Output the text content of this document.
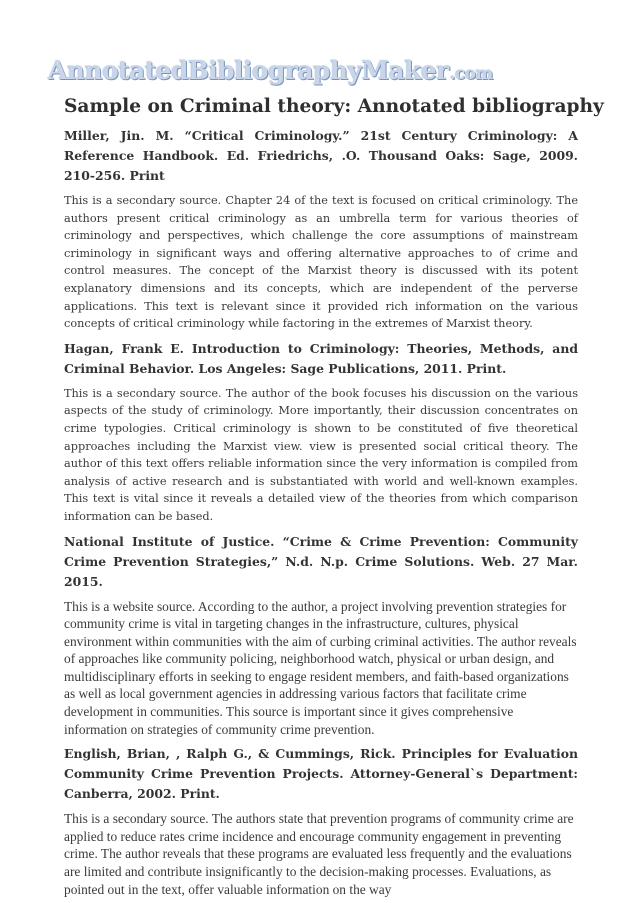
AnnotatedBibliographyMaker .com
Sample on Criminal theory: Annotated bibliography

Miller, Jin. M. “Critical Criminology.” 21st Century Criminology: A Reference Handbook. Ed. Friedrichs, .O. Thousand Oaks: Sage, 2009. 210-256. Print

This is a secondary source. Chapter 24 of the text is focused on critical criminology. The authors present critical criminology as an umbrella term for various theories of criminology and perspectives, which challenge the core assumptions of mainstream criminology in significant ways and offering alternative approaches to of crime and control measures. The concept of the Marxist theory is discussed with its potent explanatory dimensions and its concepts, which are independent of the perverse applications. This text is relevant since it provided rich information on the various concepts of critical criminology while factoring in the extremes of Marxist theory.

Hagan, Frank E. Introduction to Criminology: Theories, Methods, and Criminal Behavior. Los Angeles: Sage Publications, 2011. Print.

This is a secondary source. The author of the book focuses his discussion on the various aspects of the study of criminology. More importantly, their discussion concentrates on crime typologies. Critical criminology is shown to be constituted of five theoretical approaches including the Marxist view. view is presented social critical theory. The author of this text offers reliable information since the very information is compiled from analysis of active research and is substantiated with world and well-known examples. This text is vital since it reveals a detailed view of the theories from which comparison information can be based.

National Institute of Justice. “Crime & Crime Prevention: Community Crime Prevention Strategies,” N.d. N.p. Crime Solutions. Web. 27 Mar. 2015.

This is a website source. According to the author, a project involving prevention strategies for community crime is vital in targeting changes in the infrastructure, cultures, physical environment within communities with the aim of curbing criminal activities. The author reveals of approaches like community policing, neighborhood watch, physical or urban design, and multidisciplinary efforts in seeking to engage resident members, and faith-based organizations as well as local government agencies in addressing various factors that facilitate crime development in communities. This source is important since it gives comprehensive information on strategies of community crime prevention.

English, Brian, , Ralph G., & Cummings, Rick. Principles for Evaluation Community Crime Prevention Projects. Attorney-General`s Department: Canberra, 2002. Print.

This is a secondary source. The authors state that prevention programs of community crime are applied to reduce rates crime incidence and encourage community engagement in preventing crime. The author reveals that these programs are evaluated less frequently and the evaluations are limited and contribute insignificantly to the decision-making processes. Evaluations, as pointed out in the text, offer valuable information on the way
